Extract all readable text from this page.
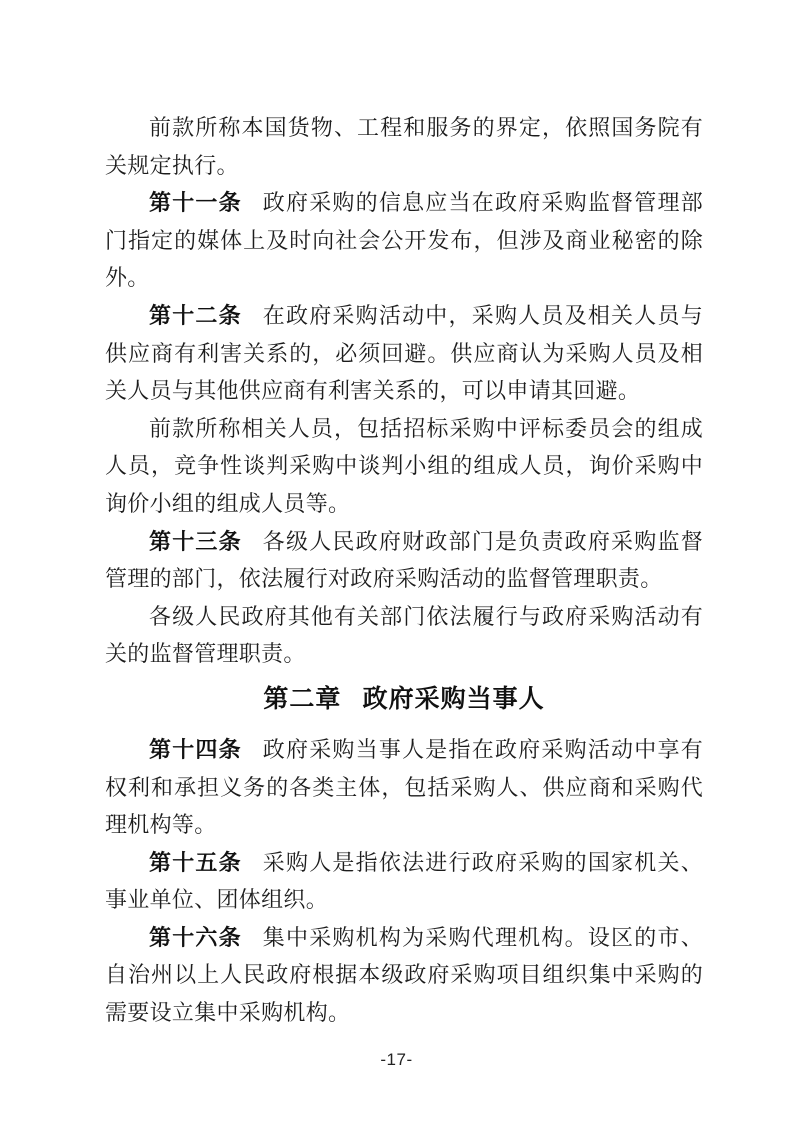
前款所称本国货物、工程和服务的界定，依照国务院有关规定执行。

第十一条 政府采购的信息应当在政府采购监督管理部门指定的媒体上及时向社会公开发布，但涉及商业秘密的除外。

第十二条 在政府采购活动中，采购人员及相关人员与供应商有利害关系的，必须回避。供应商认为采购人员及相关人员与其他供应商有利害关系的，可以申请其回避。

前款所称相关人员，包括招标采购中评标委员会的组成人员，竞争性谈判采购中谈判小组的组成人员，询价采购中询价小组的组成人员等。

第十三条 各级人民政府财政部门是负责政府采购监督管理的部门，依法履行对政府采购活动的监督管理职责。

各级人民政府其他有关部门依法履行与政府采购活动有关的监督管理职责。

第二章 政府采购当事人

第十四条 政府采购当事人是指在政府采购活动中享有权利和承担义务的各类主体，包括采购人、供应商和采购代理机构等。

第十五条 采购人是指依法进行政府采购的国家机关、事业单位、团体组织。

第十六条 集中采购机构为采购代理机构。设区的市、自治州以上人民政府根据本级政府采购项目组织集中采购的需要设立集中采购机构。

-17-
